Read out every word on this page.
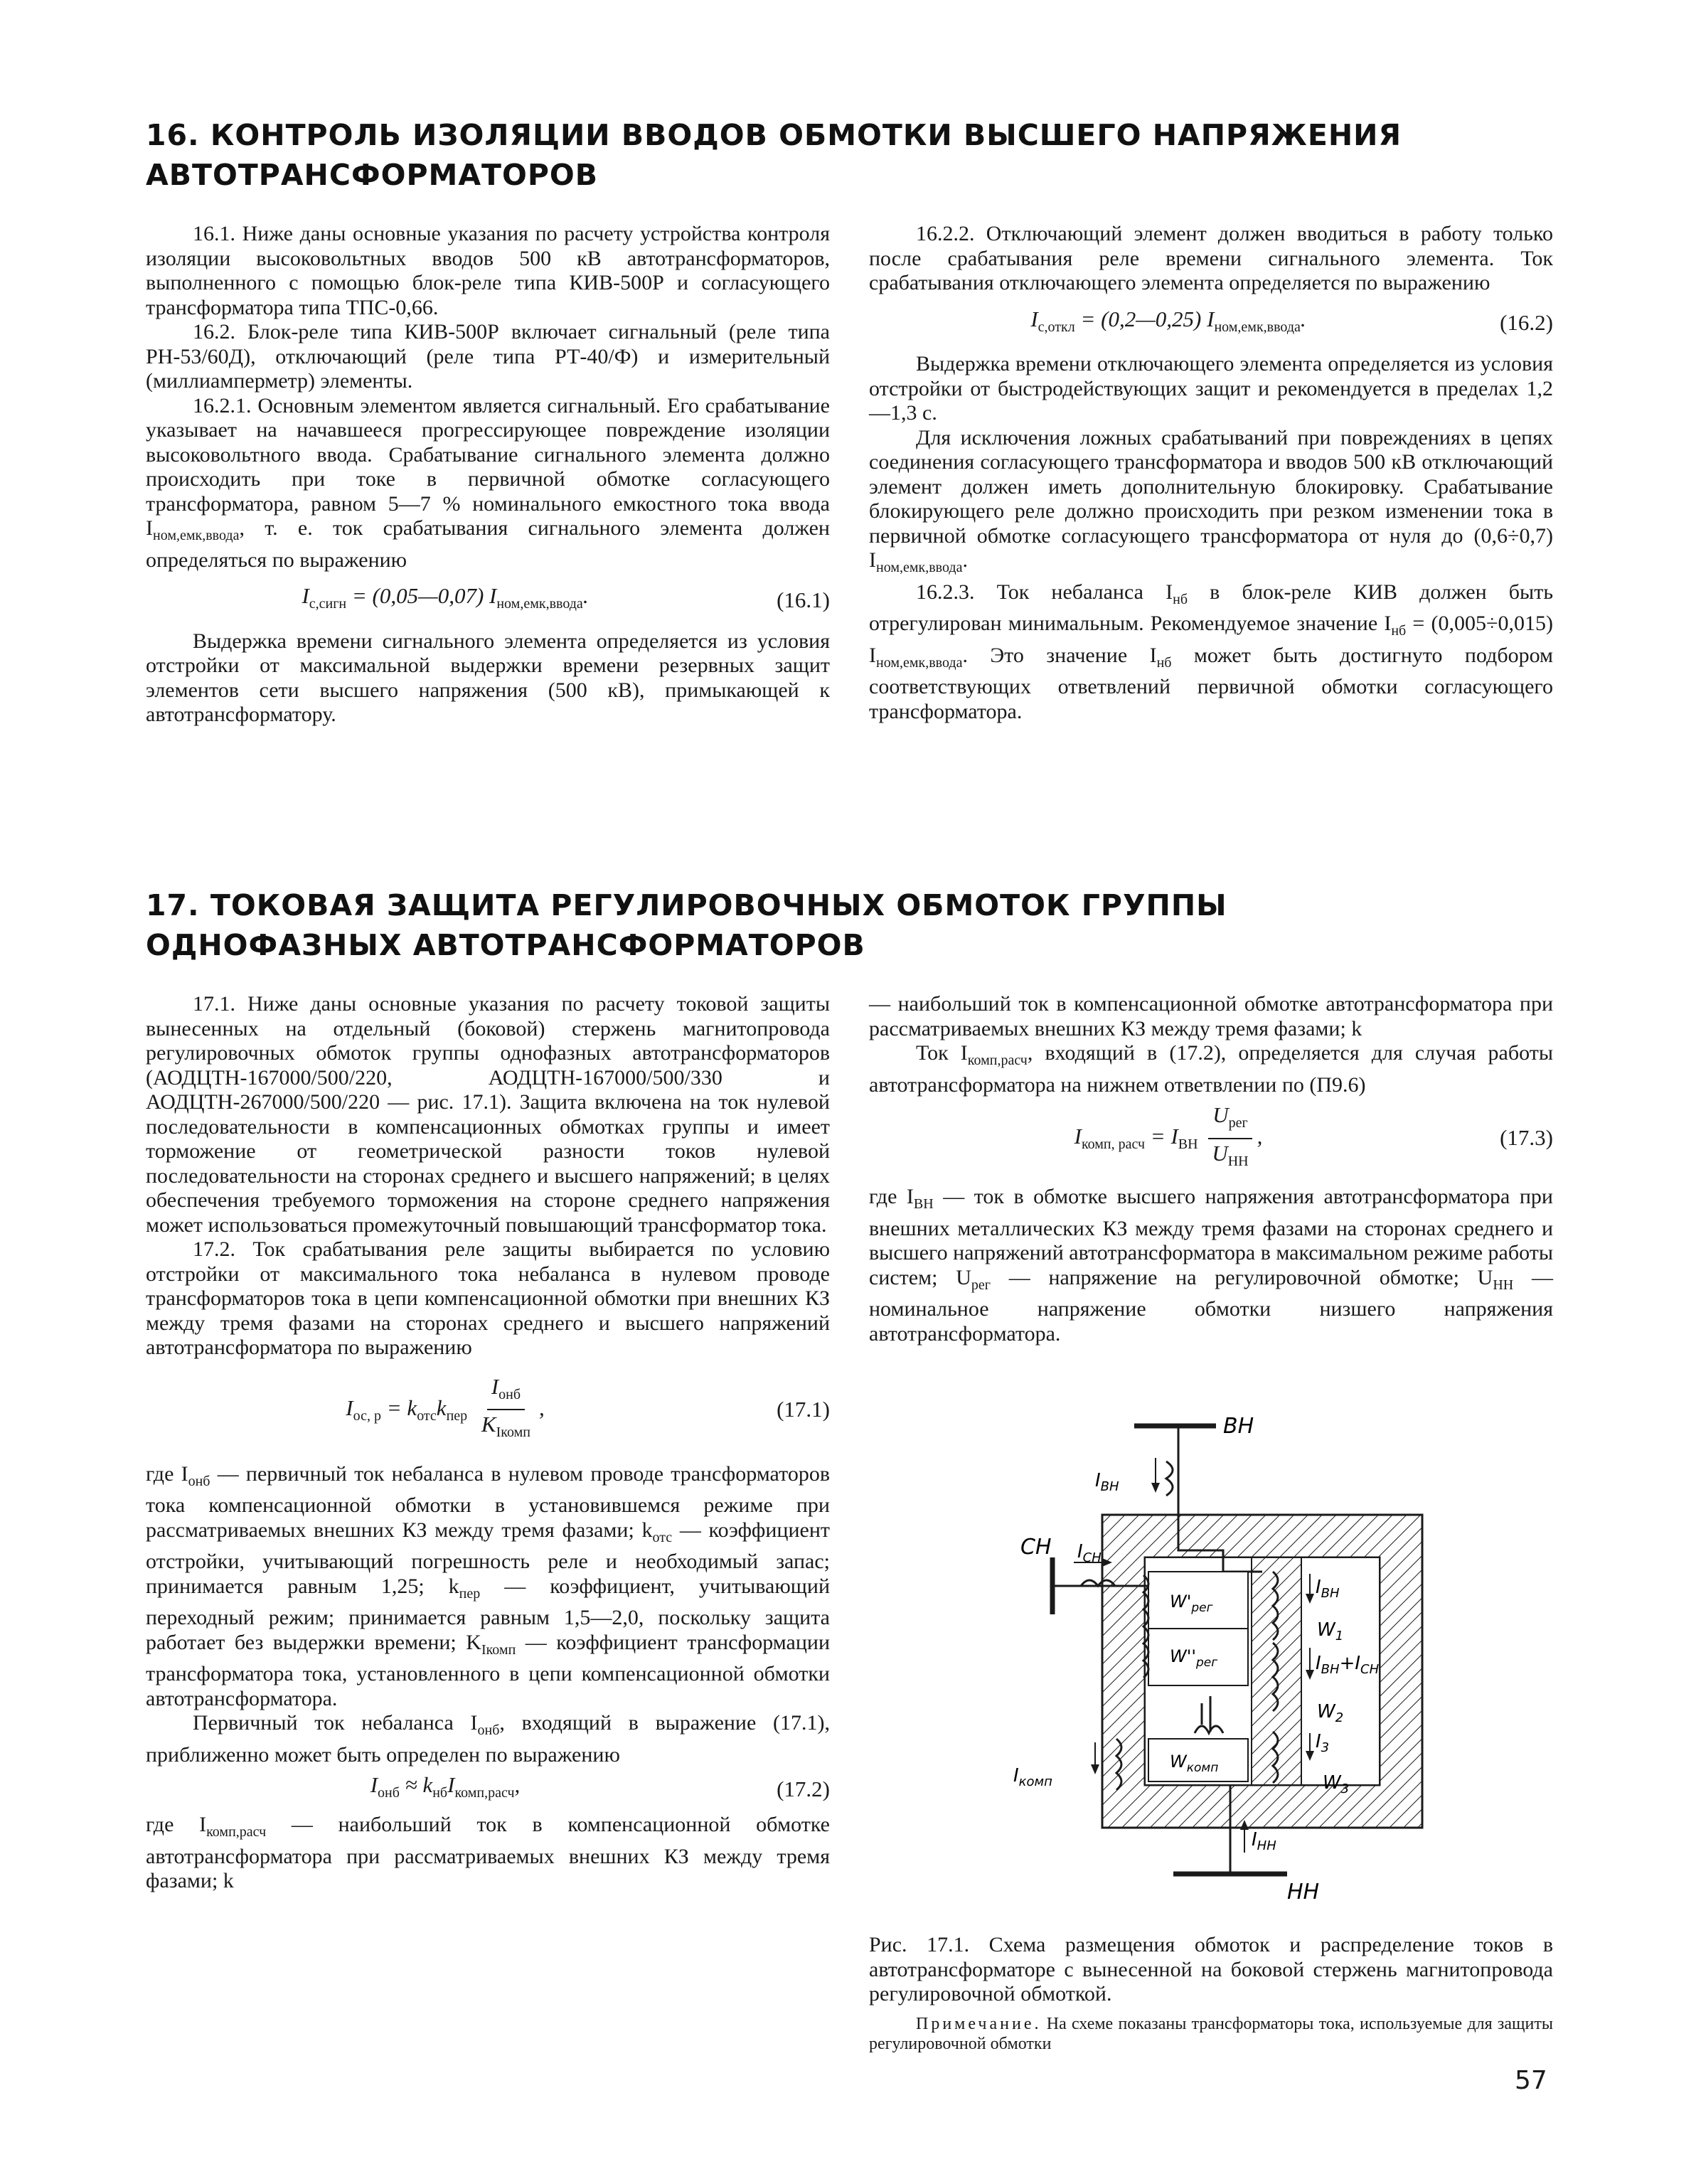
16. КОНТРОЛЬ ИЗОЛЯЦИИ ВВОДОВ ОБМОТКИ ВЫСШЕГО НАПРЯЖЕНИЯ
АВТОТРАНСФОРМАТОРОВ

16.1. Ниже даны основные указания по расчету устройства контроля изоляции высоковольтных вводов 500 кВ автотрансформаторов, выполненного с помощью блок-реле типа КИВ-500Р и согласующего трансформатора типа ТПС-0,66.

16.2. Блок-реле типа КИВ-500Р включает сигнальный (реле типа РН-53/60Д), отключающий (реле типа РТ-40/Ф) и измерительный (миллиамперметр) элементы.

16.2.1. Основным элементом является сигнальный. Его срабатывание указывает на начавшееся прогрессирующее повреждение изоляции высоковольтного ввода. Срабатывание сигнального элемента должно происходить при токе в первичной обмотке согласующего трансформатора, равном 5—7 % номинального емкостного тока ввода $I_{ном,емк,ввода}$, т. е. ток срабатывания сигнального элемента должен определяться по выражению

$I_{с,сигн}$ = (0,05—0,07) $I_{ном,емк,ввода}$.	(16.1)

Выдержка времени сигнального элемента определяется из условия отстройки от максимальной выдержки времени резервных защит элементов сети высшего напряжения (500 кВ), примыкающей к автотрансформатору.

16.2.2. Отключающий элемент должен вводиться в работу только после срабатывания реле времени сигнального элемента. Ток срабатывания отключающего элемента определяется по выражению

$I_{с,откл}$ = (0,2—0,25) $I_{ном,емк,ввода}$.	(16.2)

Выдержка времени отключающего элемента определяется из условия отстройки от быстродействующих защит и рекомендуется в пределах 1,2—1,3 с.

Для исключения ложных срабатываний при повреждениях в цепях соединения согласующего трансформатора и вводов 500 кВ отключающий элемент должен иметь дополнительную блокировку. Срабатывание блокирующего реле должно происходить при резком изменении тока в первичной обмотке согласующего трансформатора от нуля до (0,6÷0,7) $I_{ном,емк,ввода}$.

16.2.3. Ток небаланса $I_{нб}$ в блок-реле КИВ должен быть отрегулирован минимальным. Рекомендуемое значение $I_{нб} = (0,005\div 0,015)$ $I_{ном,емк,ввода}$. Это значение $I_{нб}$ может быть достигнуто подбором соответствующих ответвлений первичной обмотки согласующего трансформатора.

17. ТОКОВАЯ ЗАЩИТА РЕГУЛИРОВОЧНЫХ ОБМОТОК ГРУППЫ
ОДНОФАЗНЫХ АВТОТРАНСФОРМАТОРОВ

17.1. Ниже даны основные указания по расчету токовой защиты вынесенных на отдельный (боковой) стержень магнитопровода регулировочных обмоток группы однофазных автотрансформаторов (АОДЦТН-167000/500/220, АОДЦТН-167000/500/330 и АОДЦТН-267000/500/220 — рис. 17.1). Защита включена на ток нулевой последовательности в компенсационных обмотках группы и имеет торможение от геометрической разности токов нулевой последовательности на сторонах среднего и высшего напряжений; в целях обеспечения требуемого торможения на стороне среднего напряжения может использоваться промежуточный повышающий трансформатор тока.

17.2. Ток срабатывания реле защиты выбирается по условию отстройки от максимального тока небаланса в нулевом проводе трансформаторов тока в цепи компенсационной обмотки при внешних КЗ между тремя фазами на сторонах среднего и высшего напряжений автотрансформатора по выражению

$I_{ос, р} = k_{отс}k_{пер} \frac{I_{онб}}{K_{Iкомп}}$ ,	(17.1)

где $I_{онб}$ — первичный ток небаланса в нулевом проводе трансформаторов тока компенсационной обмотки в установившемся режиме при рассматриваемых внешних КЗ между тремя фазами; $k_{отс}$ — коэффициент отстройки, учитывающий погрешность реле и необходимый запас; принимается равным 1,25; $k_{пер}$ — коэффициент, учитывающий переходный режим; принимается равным 1,5—2,0, поскольку защита работает без выдержки времени; $K_{Iкомп}$ — коэффициент трансформации трансформатора тока, установленного в цепи компенсационной обмотки автотрансформатора.

Первичный ток небаланса $I_{онб}$, входящий в выражение (17.1), приближенно может быть определен по выражению

$I_{онб} \approx k_{нб}I_{комп,расч}$,	(17.2)

где $I_{комп,расч}$ — наибольший ток в компенсационной обмотке автотрансформатора при рассматриваемых внешних КЗ между тремя фазами; k

— наибольший ток в компенсационной обмотке автотрансформатора при рассматриваемых внешних КЗ между тремя фазами; k

Ток $I_{комп,расч}$, входящий в (17.2), определяется для случая работы автотрансформатора на нижнем ответвлении по (П9.6)

$I_{комп, расч} = I_{ВН} \frac{U_{рег}}{U_{НН}}$ ,	(17.3)

где $I_{ВН}$ — ток в обмотке высшего напряжения автотрансформатора при внешних металлических КЗ между тремя фазами на сторонах среднего и высшего напряжений автотрансформатора в максимальном режиме работы систем; $U_{рег}$ — напряжение на регулировочной обмотке; $U_{НН}$ — номинальное напряжение обмотки низшего напряжения автотрансформатора.

ВН
$I_{ВН}$
$I_{ВН}$
$W_1$
СН $I_{СН}$
$W'_{рег}$
$W''_{рег}$	$I_{ВН}+I_{СН}$
$W_2$
$W_{комп}$
$I_{комп}$
$I_3$
$W_3$
НН
$I_{НН}$
Рис. 17.1. Схема размещения обмоток и распределение токов в автотрансформаторе с вынесенной на боковой стержень магнитопровода регулировочной обмоткой.
Примечание. На схеме показаны трансформаторы тока, используемые для защиты регулировочной обмотки
57
